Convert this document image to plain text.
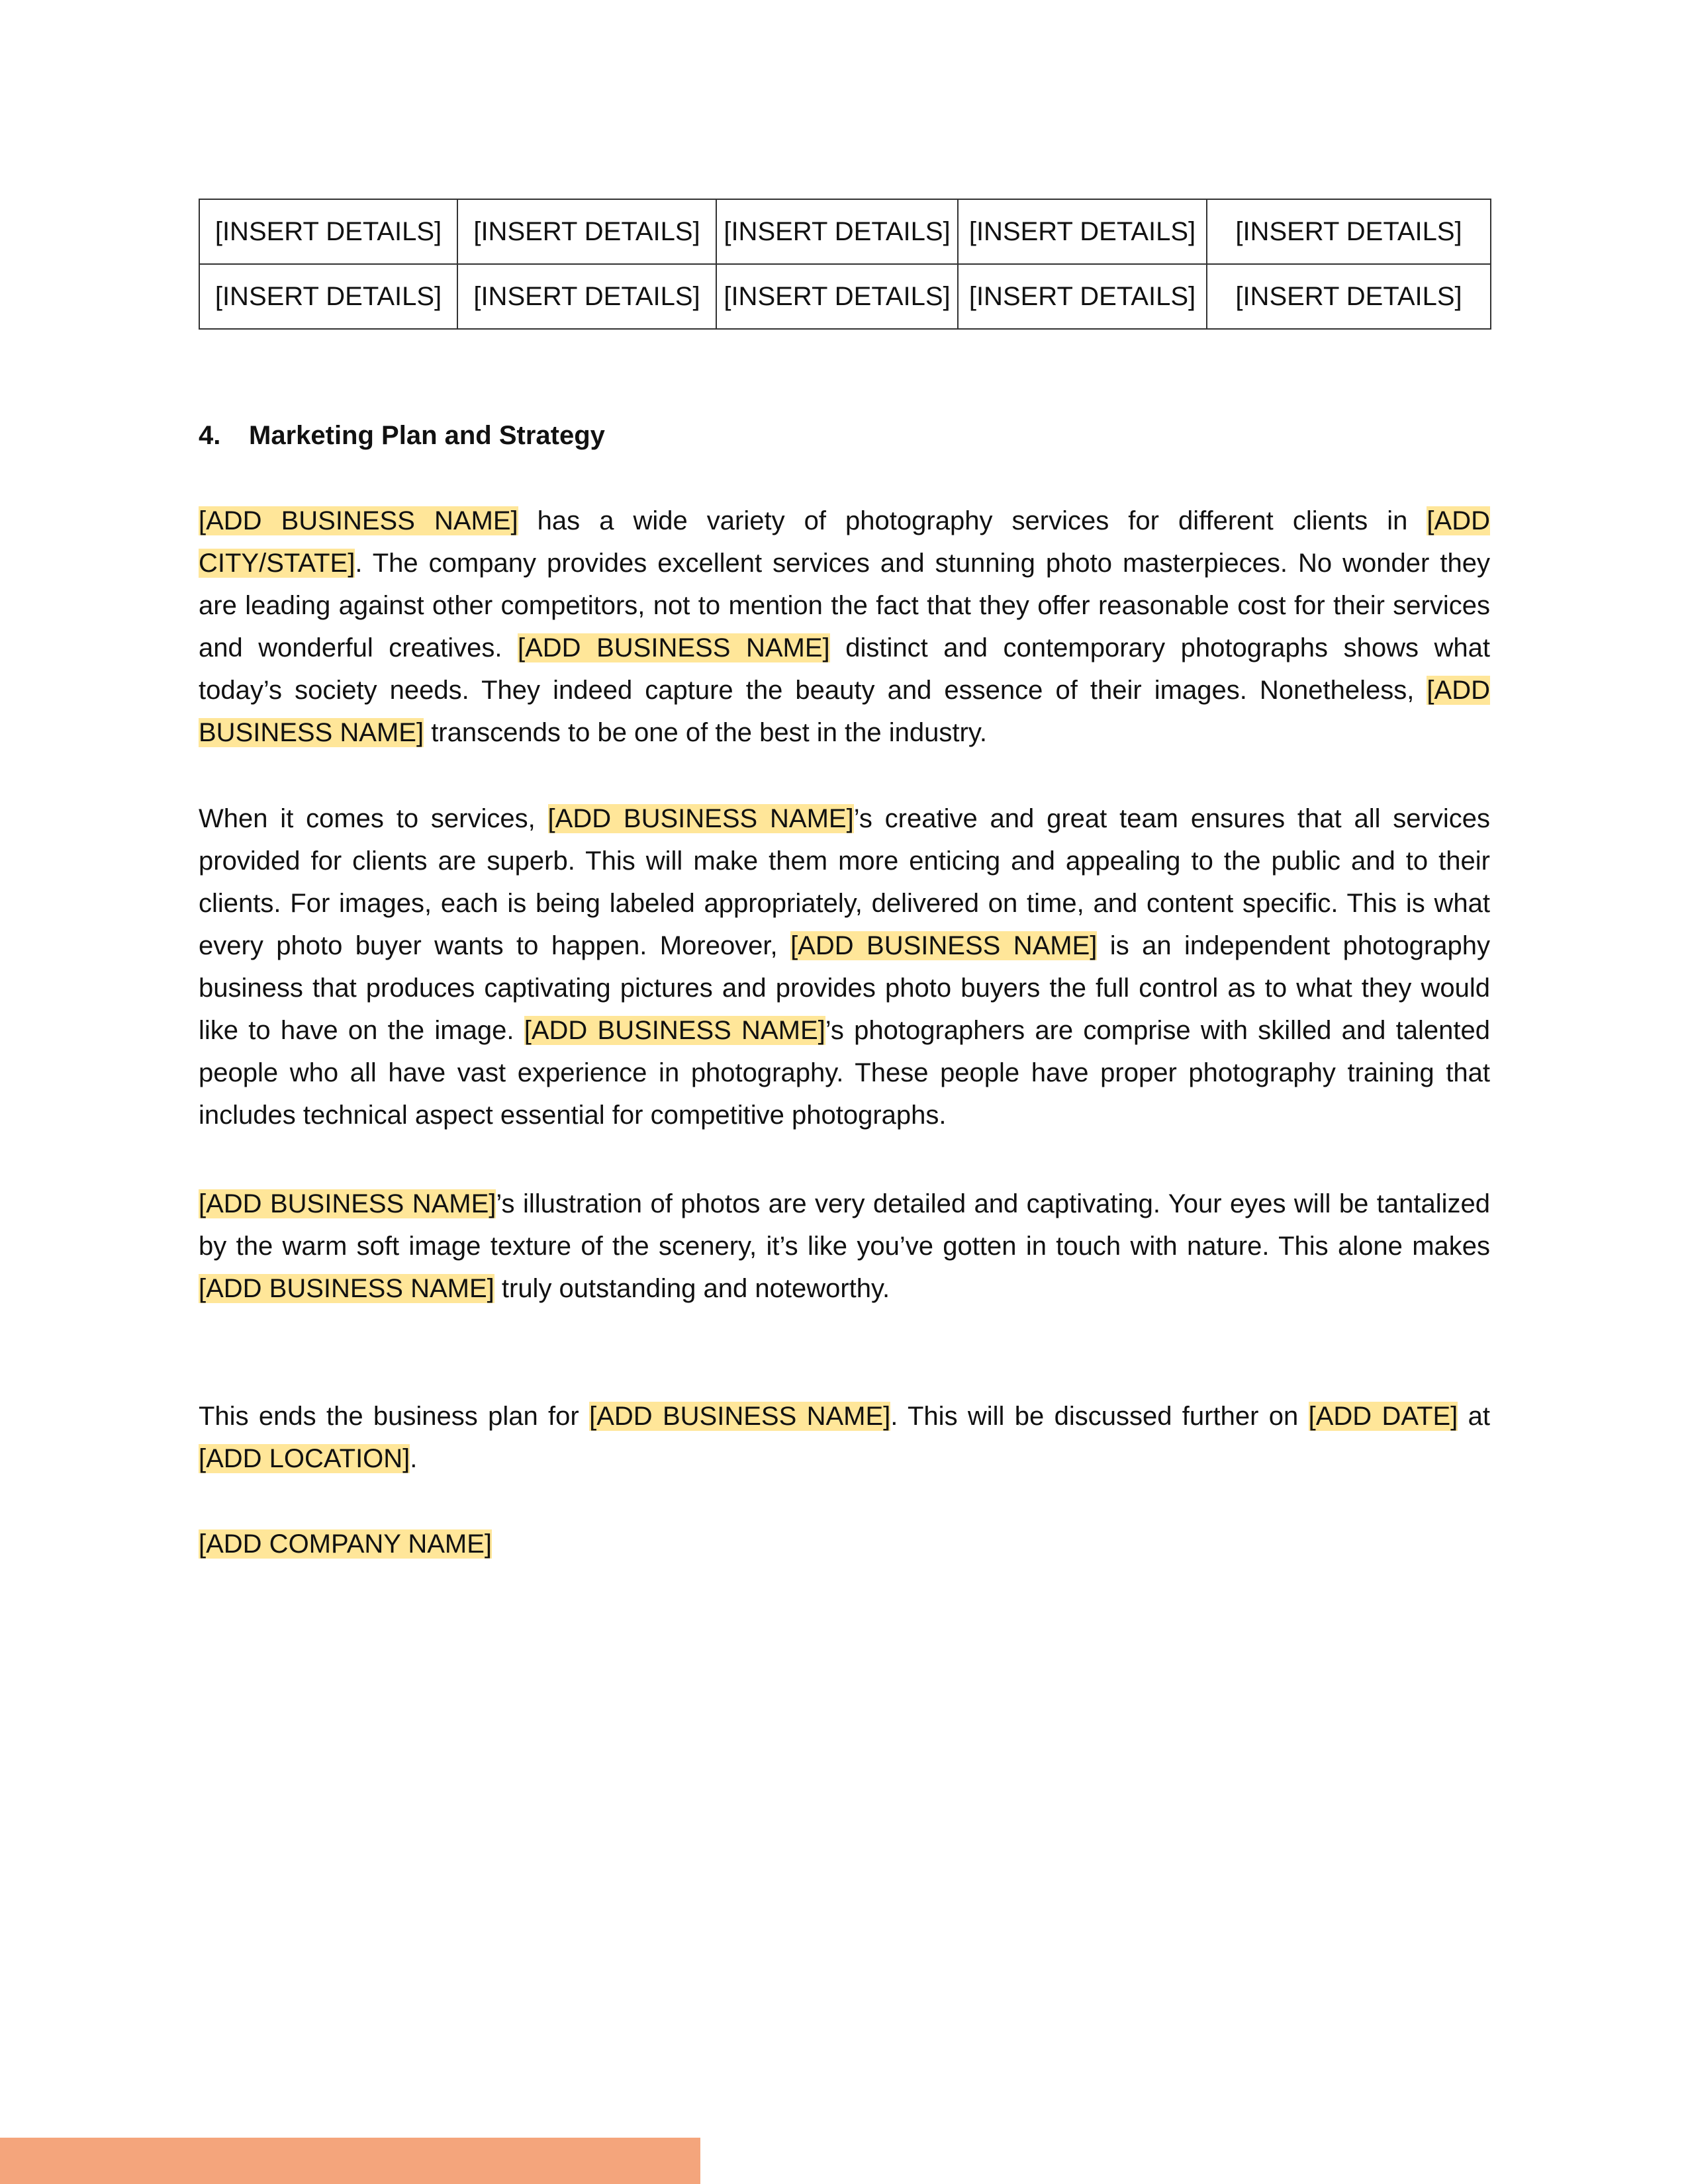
[INSERT DETAILS]	[INSERT DETAILS]	[INSERT DETAILS]	[INSERT DETAILS]	[INSERT DETAILS]
[INSERT DETAILS]	[INSERT DETAILS]	[INSERT DETAILS]	[INSERT DETAILS]	[INSERT DETAILS]
4. Marketing Plan and Strategy

[ADD BUSINESS NAME] has a wide variety of photography services for different clients in [ADD CITY/STATE]. The company provides excellent services and stunning photo masterpieces. No wonder they are leading against other competitors, not to mention the fact that they offer reasonable cost for their services and wonderful creatives. [ADD BUSINESS NAME] distinct and contemporary photographs shows what today’s society needs. They indeed capture the beauty and essence of their images. Nonetheless, [ADD BUSINESS NAME] transcends to be one of the best in the industry.

When it comes to services, [ADD BUSINESS NAME]’s creative and great team ensures that all services provided for clients are superb. This will make them more enticing and appealing to the public and to their clients. For images, each is being labeled appropriately, delivered on time, and content specific. This is what every photo buyer wants to happen. Moreover, [ADD BUSINESS NAME] is an independent photography business that produces captivating pictures and provides photo buyers the full control as to what they would like to have on the image. [ADD BUSINESS NAME]’s photographers are comprise with skilled and talented people who all have vast experience in photography. These people have proper photography training that includes technical aspect essential for competitive photographs.

[ADD BUSINESS NAME]’s illustration of photos are very detailed and captivating. Your eyes will be tantalized by the warm soft image texture of the scenery, it’s like you’ve gotten in touch with nature. This alone makes [ADD BUSINESS NAME] truly outstanding and noteworthy.

This ends the business plan for [ADD BUSINESS NAME]. This will be discussed further on [ADD DATE] at [ADD LOCATION].

[ADD COMPANY NAME]
